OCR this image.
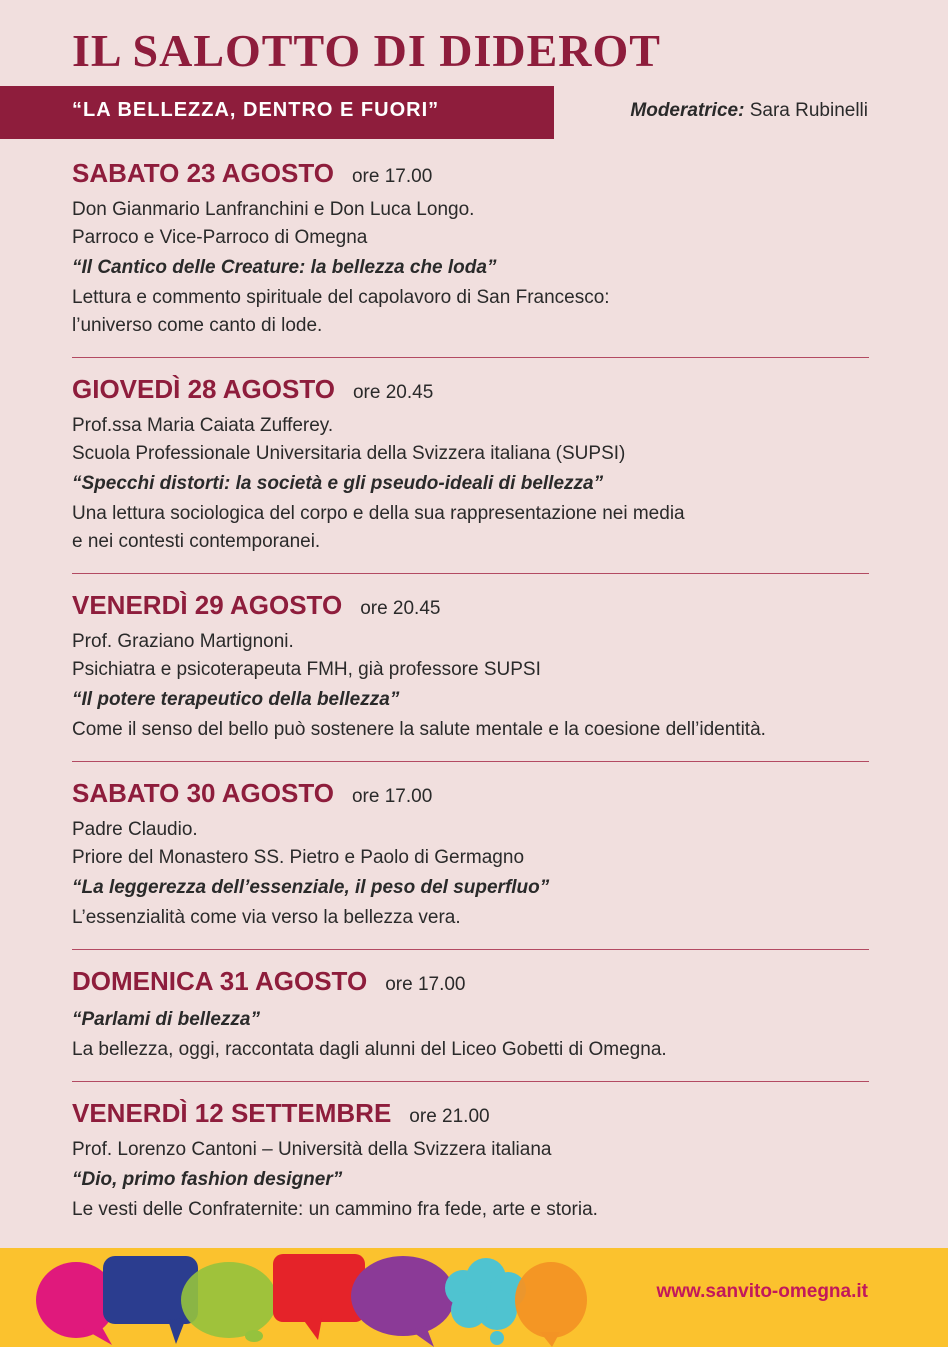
IL SALOTTO DI DIDEROT
“LA BELLEZZA, DENTRO E FUORI”	Moderatrice: Sara Rubinelli
SABATO 23 AGOSTO ore 17.00
Don Gianmario Lanfranchini e Don Luca Longo.
Parroco e Vice-Parroco di Omegna
“Il Cantico delle Creature: la bellezza che loda”
Lettura e commento spirituale del capolavoro di San Francesco:
l’universo come canto di lode.
GIOVEDÌ 28 AGOSTO ore 20.45
Prof.ssa Maria Caiata Zufferey.
Scuola Professionale Universitaria della Svizzera italiana (SUPSI)
“Specchi distorti: la società e gli pseudo-ideali di bellezza”
Una lettura sociologica del corpo e della sua rappresentazione nei media
e nei contesti contemporanei.
VENERDÌ 29 AGOSTO ore 20.45
Prof. Graziano Martignoni.
Psichiatra e psicoterapeuta FMH, già professore SUPSI
“Il potere terapeutico della bellezza”
Come il senso del bello può sostenere la salute mentale e la coesione dell’identità.
SABATO 30 AGOSTO ore 17.00
Padre Claudio.
Priore del Monastero SS. Pietro e Paolo di Germagno
“La leggerezza dell’essenziale, il peso del superfluo”
L’essenzialità come via verso la bellezza vera.
DOMENICA 31 AGOSTO ore 17.00
“Parlami di bellezza”
La bellezza, oggi, raccontata dagli alunni del Liceo Gobetti di Omegna.
VENERDÌ 12 SETTEMBRE ore 21.00
Prof. Lorenzo Cantoni – Università della Svizzera italiana
“Dio, primo fashion designer”
Le vesti delle Confraternite: un cammino fra fede, arte e storia.
www.sanvito-omegna.it
